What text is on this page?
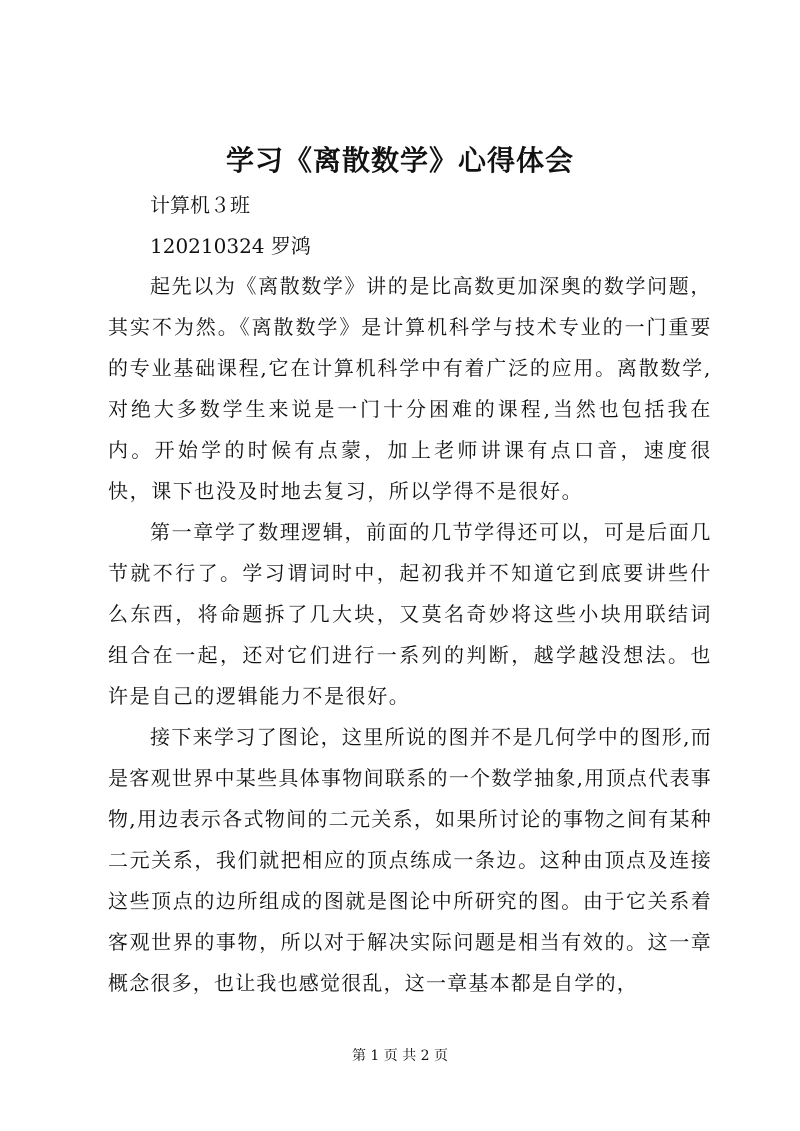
学习《离散数学》心得体会

计算机３班

120210324 罗鸿

起先以为《离散数学》讲的是比高数更加深奥的数学问题，其实不为然。《离散数学》是计算机科学与技术专业的一门重要的专业基础课程,它在计算机科学中有着广泛的应用。离散数学,对绝大多数学生来说是一门十分困难的课程,当然也包括我在内。开始学的时候有点蒙，加上老师讲课有点口音，速度很快，课下也没及时地去复习，所以学得不是很好。

第一章学了数理逻辑，前面的几节学得还可以，可是后面几节就不行了。学习谓词时中，起初我并不知道它到底要讲些什么东西，将命题拆了几大块，又莫名奇妙将这些小块用联结词组合在一起，还对它们进行一系列的判断，越学越没想法。也许是自己的逻辑能力不是很好。

接下来学习了图论，这里所说的图并不是几何学中的图形,而是客观世界中某些具体事物间联系的一个数学抽象,用顶点代表事物,用边表示各式物间的二元关系，如果所讨论的事物之间有某种二元关系，我们就把相应的顶点练成一条边。这种由顶点及连接这些顶点的边所组成的图就是图论中所研究的图。由于它关系着客观世界的事物，所以对于解决实际问题是相当有效的。这一章概念很多，也让我也感觉很乱，这一章基本都是自学的，

第 1 页 共 2 页
